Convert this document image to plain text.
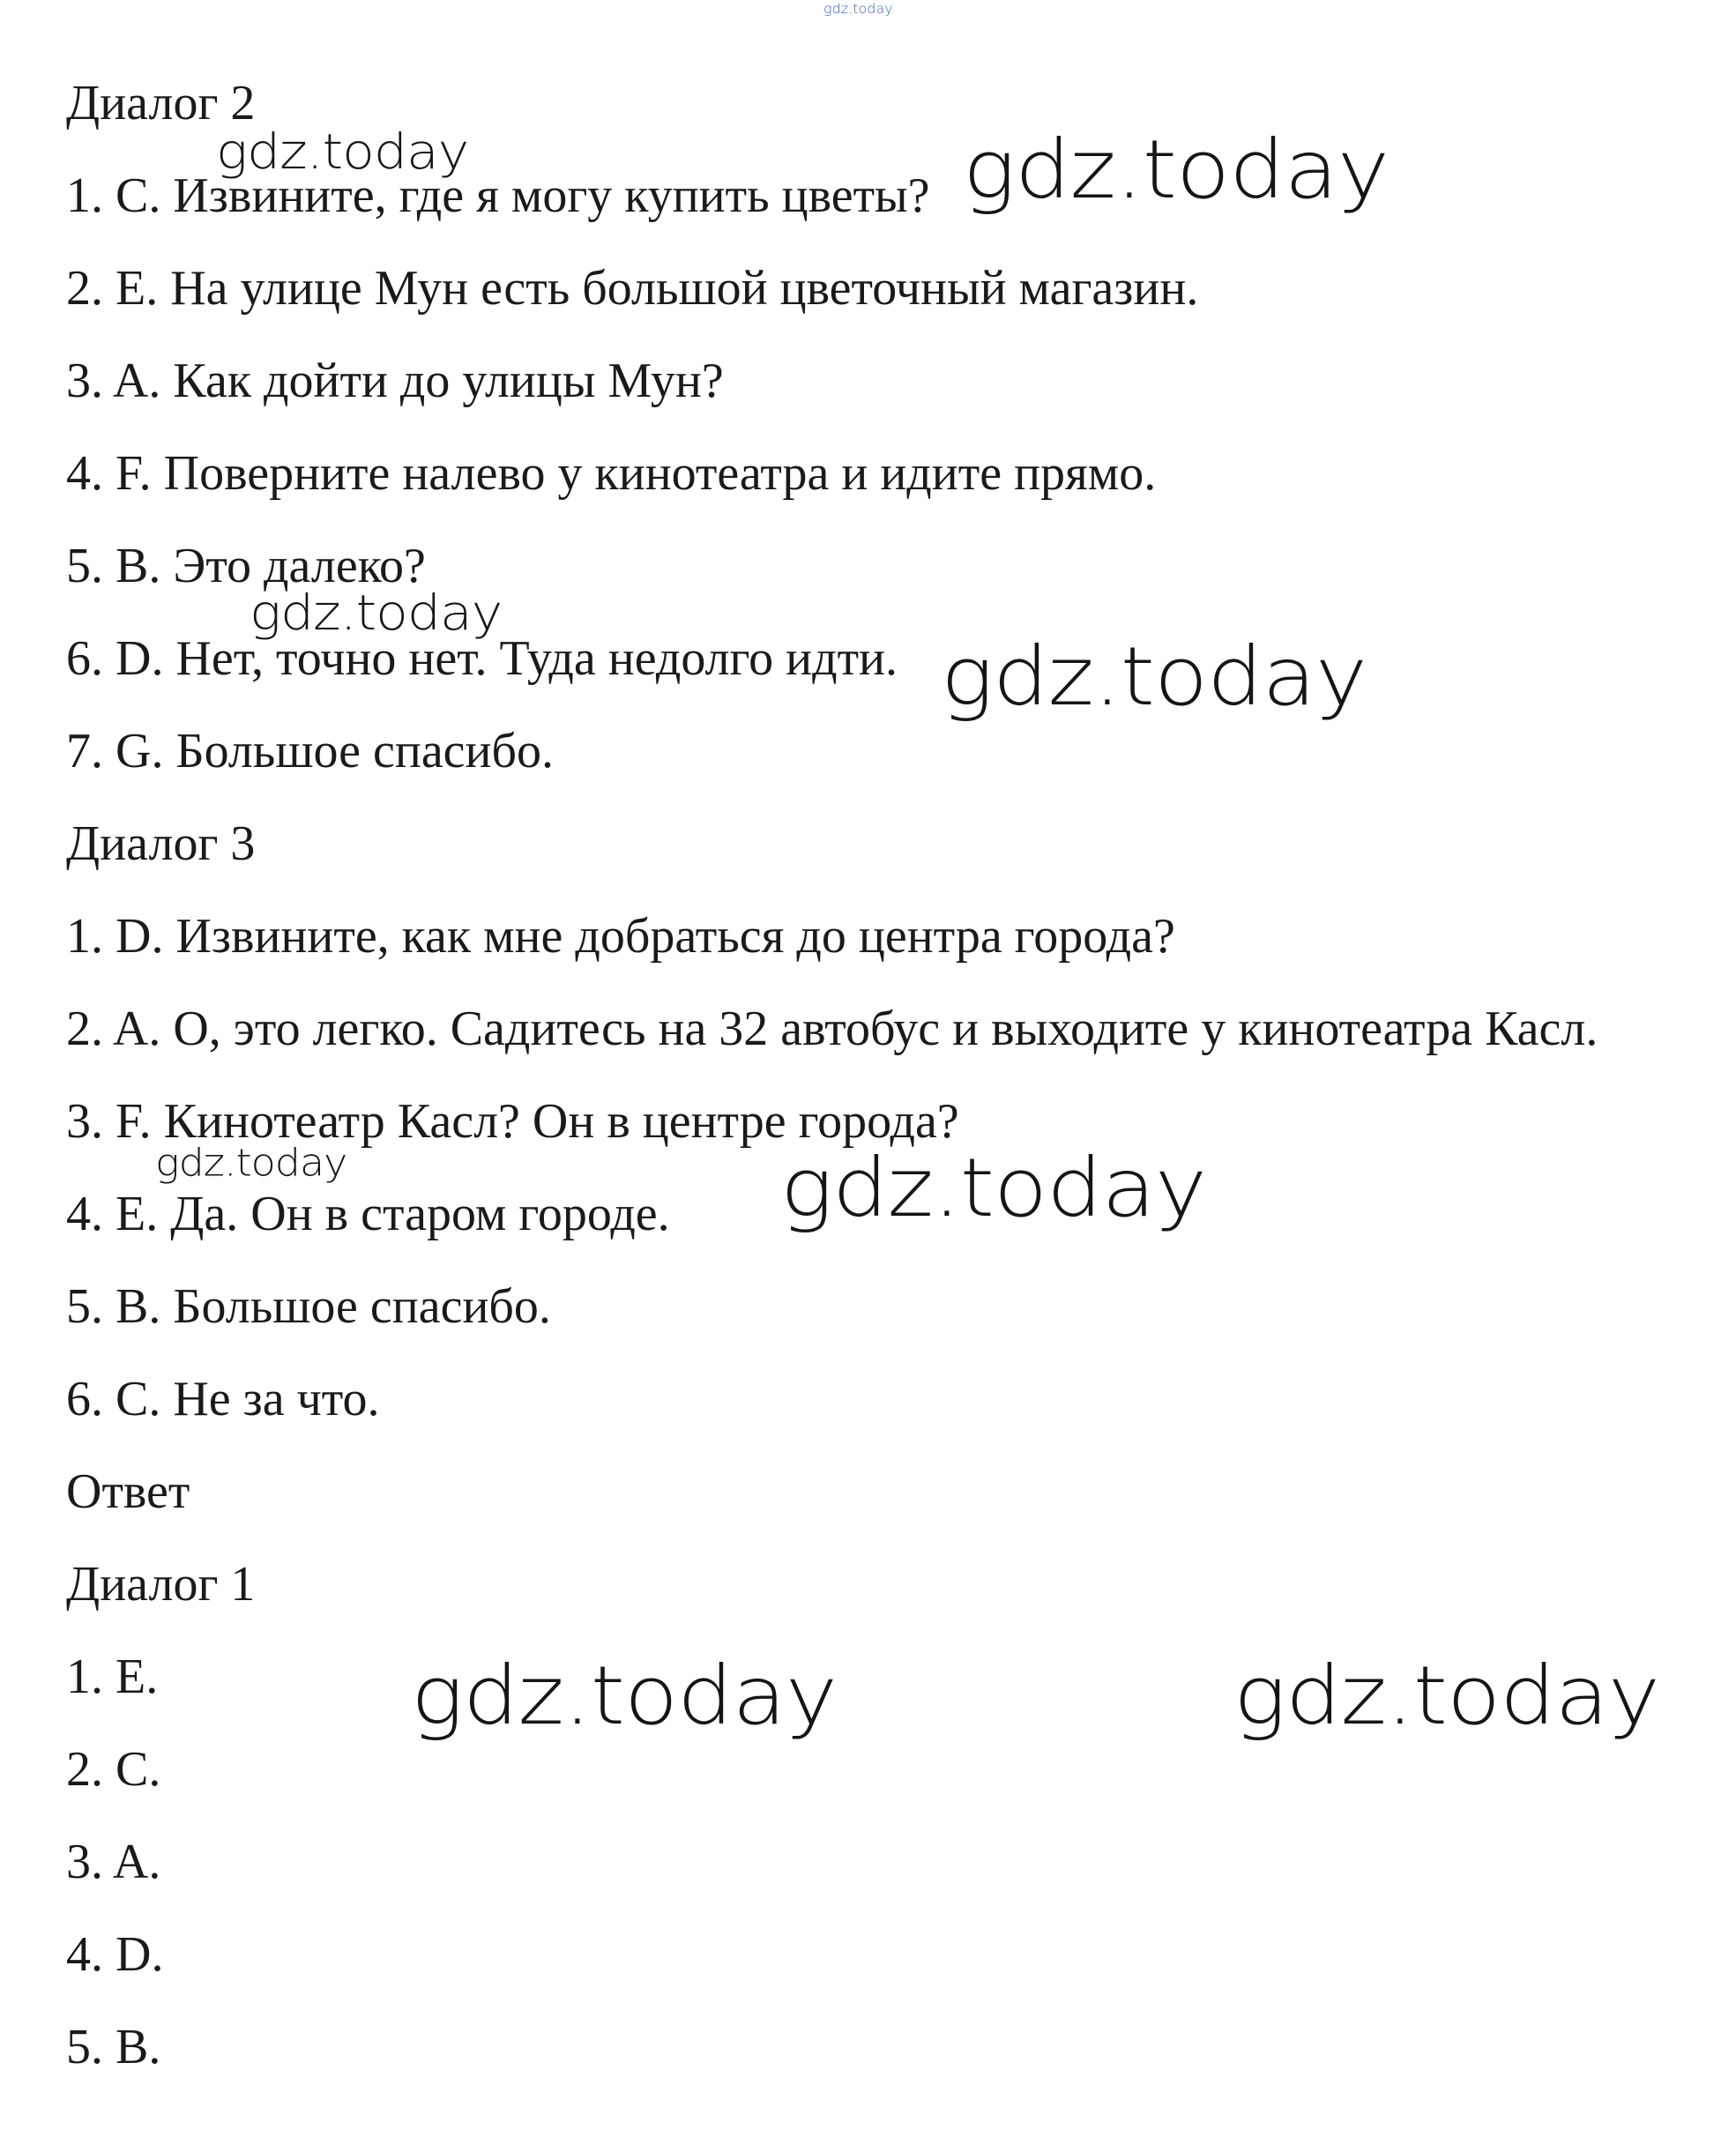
gdz.today
Диалог 2
1. C. Извините, где я могу купить цветы?
2. E. На улице Мун есть большой цветочный магазин.
3. A. Как дойти до улицы Мун?
4. F. Поверните налево у кинотеатра и идите прямо.
5. B. Это далеко?
6. D. Нет, точно нет. Туда недолго идти.
7. G. Большое спасибо.
Диалог 3
1. D. Извините, как мне добраться до центра города?
2. A. O, это легко. Садитесь на 32 автобус и выходите у кинотеатра Касл.
3. F. Кинотеатр Касл? Он в центре города?
4. E. Да. Он в старом городе.
5. B. Большое спасибо.
6. C. Не за что.
Ответ
Диалог 1
1. E.
2. C.
3. A.
4. D.
5. B.
gdz.today	gdz.today
gdz.today
gdz.today
gdz.today	gdz.today
gdz.today	gdz.today
